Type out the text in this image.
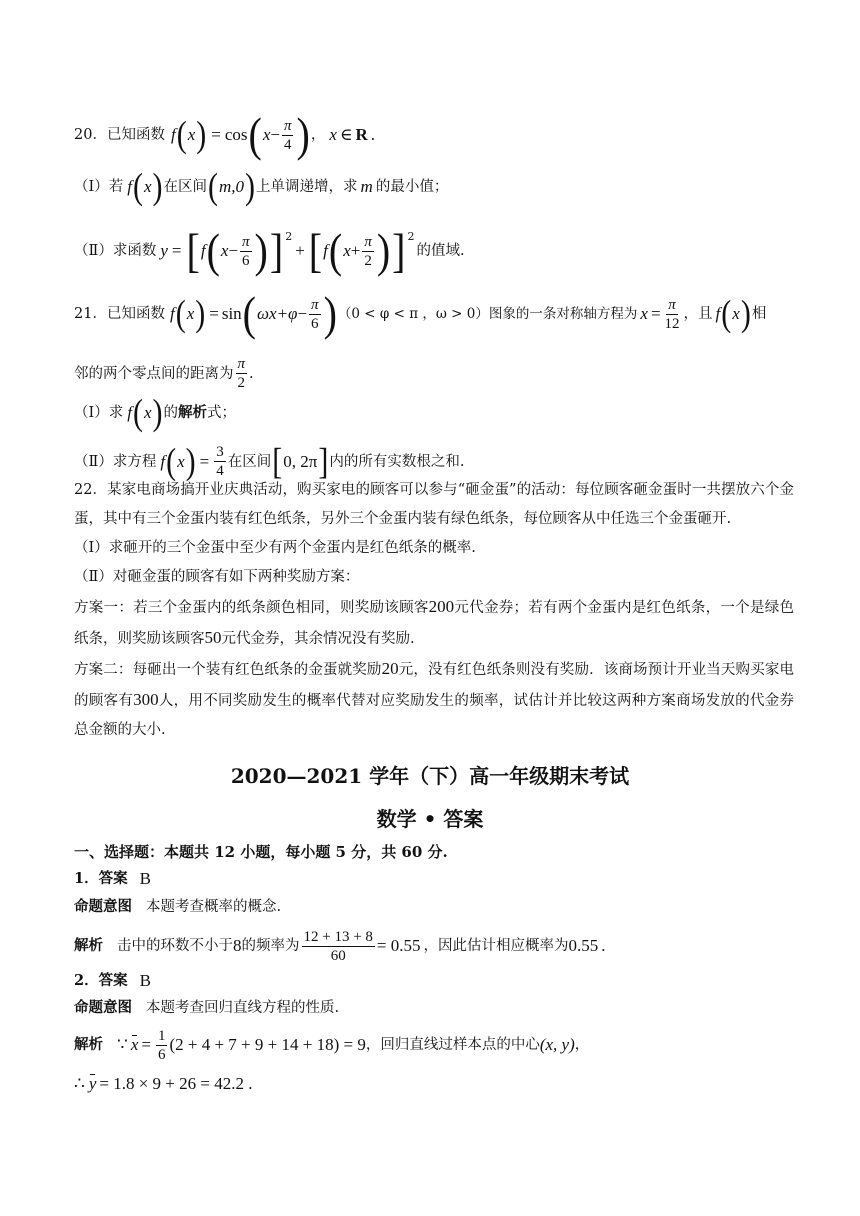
20． 已知函数 f ( x ) = cos ( $x - \frac{\pi}{4}$ ) ， x ∈ R .
（Ⅰ）若 f ( x ) 在区间 ( m,0 ) 上单调递增，求 m 的最小值；
（Ⅱ）求函数 y = [ f ( $x - \frac{\pi}{6}$ ) ]$^2$
+ [ f ( $x + \frac{\pi}{2}$ ) ]$^2$
的值域.
21． 已知函数 f ( x ) = sin ( $\omega x +\varphi - \frac{\pi}{6}$ ) （0 < φ < π ，ω > 0）图象的一条对称轴方程为 $x = \frac{\pi}{12}$ ，且 f ( x ) 相
邻的两个零点间的距离为 $\frac{\pi}{2}$ .
（Ⅰ）求 f ( x ) 的 解析 式；
（Ⅱ）求方程 f ( x ) = $\frac{3}{4}$ 在区间 [ 0, 2π ] 内的所有实数根之和.
22．某家电商场搞开业庆典活动，购买家电的顾客可以参与“砸金蛋”的活动：每位顾客砸金蛋时一共摆放六个金蛋，其中有三个金蛋内装有红色纸条，另外三个金蛋内装有绿色纸条，每位顾客从中任选三个金蛋砸开.
（Ⅰ）求砸开的三个金蛋中至少有两个金蛋内是红色纸条的概率.
（Ⅱ）对砸金蛋的顾客有如下两种奖励方案：
方案一：若三个金蛋内的纸条颜色相同，则奖励该顾客200元代金券；若有两个金蛋内是红色纸条，一个是绿色纸条，则奖励该顾客50元代金券，其余情况没有奖励.
方案二：每砸出一个装有红色纸条的金蛋就奖励20元，没有红色纸条则没有奖励．该商场预计开业当天购买家电的顾客有300人，用不同奖励发生的概率代替对应奖励发生的频率，试估计并比较这两种方案商场发放的代金券总金额的大小.
2020—2021 学年（下）高一年级期末考试
数学 • 答案
一、选择题：本题共 12 小题，每小题 5 分，共 60 分.
1．答案 B
命题意图 本题考查概率的概念.
解析 击中的环数不小于 8 的频率为 $\frac{12 + 13 + 8}{60} = 0.55$ ，因此估计相应概率为 0.55 .
2．答案 B
命题意图 本题考查回归直线方程的性质.
解析 ∵ $x = \frac{1}{6} (2 + 4 + 7 + 9 + 14 + 18) = 9$ ，回归直线过样本点的中心 (x, y) ，
∴ y = 1.8 × 9 + 26 = 42.2 .
